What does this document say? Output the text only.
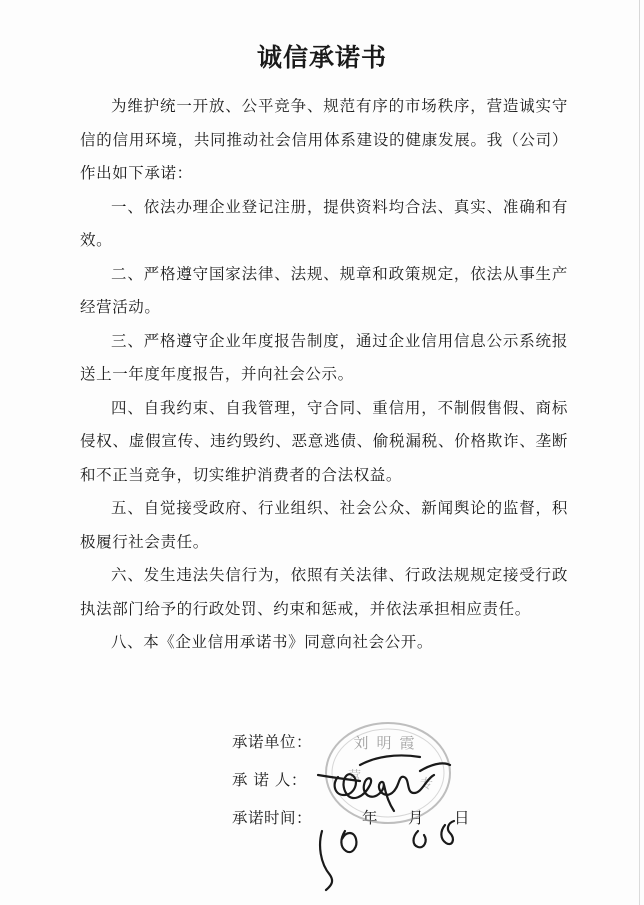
诚信承诺书

为维护统一开放、公平竞争、规范有序的市场秩序，营造诚实守信的信用环境，共同推动社会信用体系建设的健康发展。我（公司）作出如下承诺：

一、依法办理企业登记注册，提供资料均合法、真实、准确和有效。

二、严格遵守国家法律、法规、规章和政策规定，依法从事生产经营活动。

三、严格遵守企业年度报告制度，通过企业信用信息公示系统报送上一年度年度报告，并向社会公示。

四、自我约束、自我管理，守合同、重信用，不制假售假、商标侵权、虚假宣传、违约毁约、恶意逃债、偷税漏税、价格欺诈、垄断和不正当竞争，切实维护消费者的合法权益。

五、自觉接受政府、行业组织、社会公众、新闻舆论的监督，积极履行社会责任。

六、发生违法失信行为，依照有关法律、行政法规规定接受行政执法部门给予的行政处罚、约束和惩戒，并依法承担相应责任。

八、本《企业信用承诺书》同意向社会公开。

承诺单位：
承 诺 人：
承诺时间：	年 月 日
刘明霞
营
专
